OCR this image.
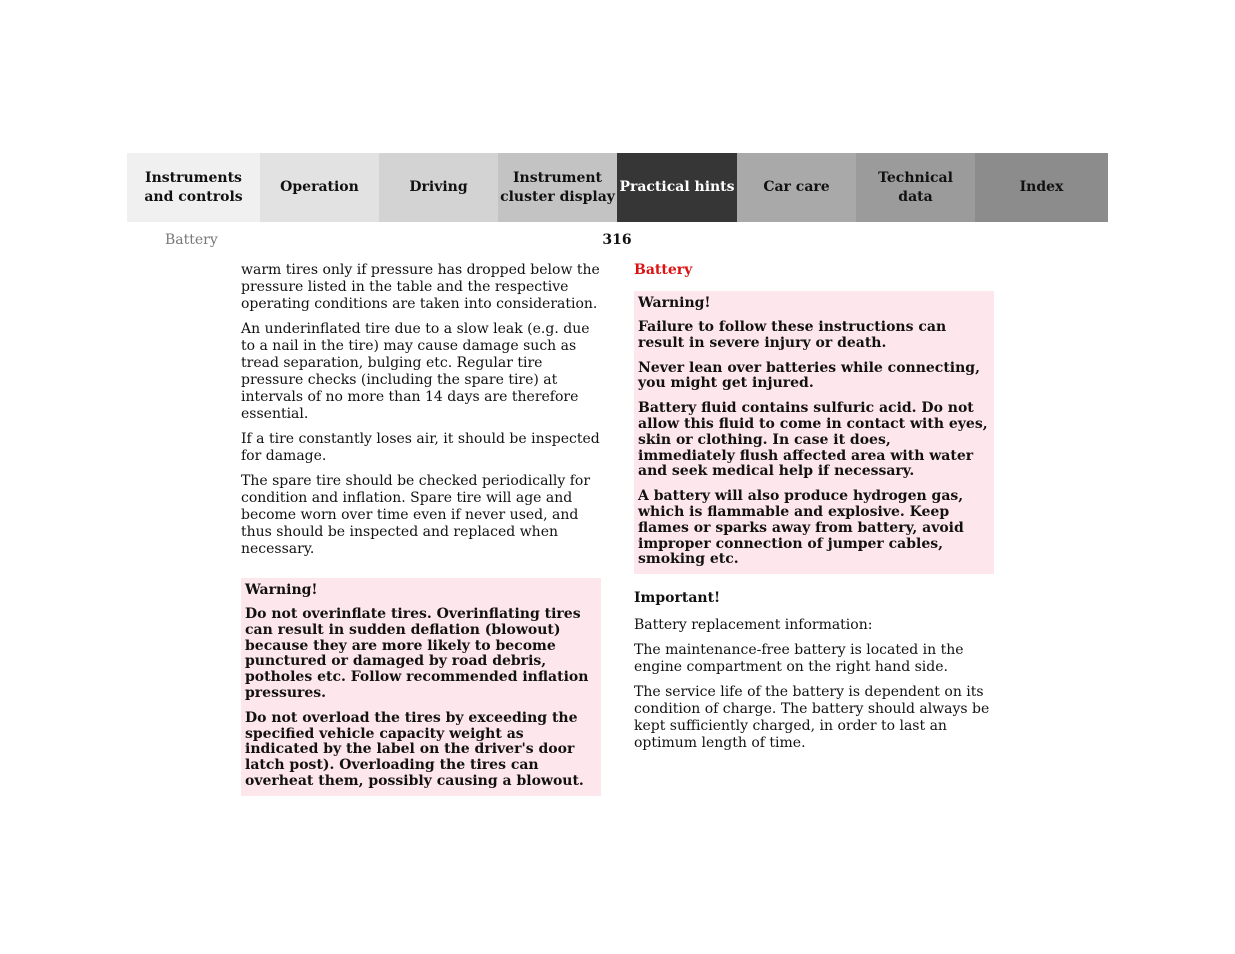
Instruments
and controls
Operation	Driving
Instrument
cluster display
Practical hints	Car care
Technical
data
Index
Battery	316

warm tires only if pressure has dropped below the pressure listed in the table and the respective operating conditions are taken into consideration.

An underinflated tire due to a slow leak (e.g. due to a nail in the tire) may cause damage such as tread separation, bulging etc. Regular tire pressure checks (including the spare tire) at intervals of no more than 14 days are therefore essential.

If a tire constantly loses air, it should be inspected for damage.

The spare tire should be checked periodically for condition and inflation. Spare tire will age and become worn over time even if never used, and thus should be inspected and replaced when necessary.

Warning!

Do not overinflate tires. Overinflating tires can result in sudden deflation (blowout) because they are more likely to become punctured or damaged by road debris, potholes etc. Follow recommended inflation pressures.

Do not overload the tires by exceeding the specified vehicle capacity weight as indicated by the label on the driver's door latch post). Overloading the tires can overheat them, possibly causing a blowout.

Battery

Warning!

Failure to follow these instructions can result in severe injury or death.

Never lean over batteries while connecting, you might get injured.

Battery fluid contains sulfuric acid. Do not allow this fluid to come in contact with eyes, skin or clothing. In case it does, immediately flush affected area with water and seek medical help if necessary.

A battery will also produce hydrogen gas, which is flammable and explosive. Keep flames or sparks away from battery, avoid improper connection of jumper cables, smoking etc.

Important!

Battery replacement information:

The maintenance-free battery is located in the engine compartment on the right hand side.

The service life of the battery is dependent on its condition of charge. The battery should always be kept sufficiently charged, in order to last an optimum length of time.
